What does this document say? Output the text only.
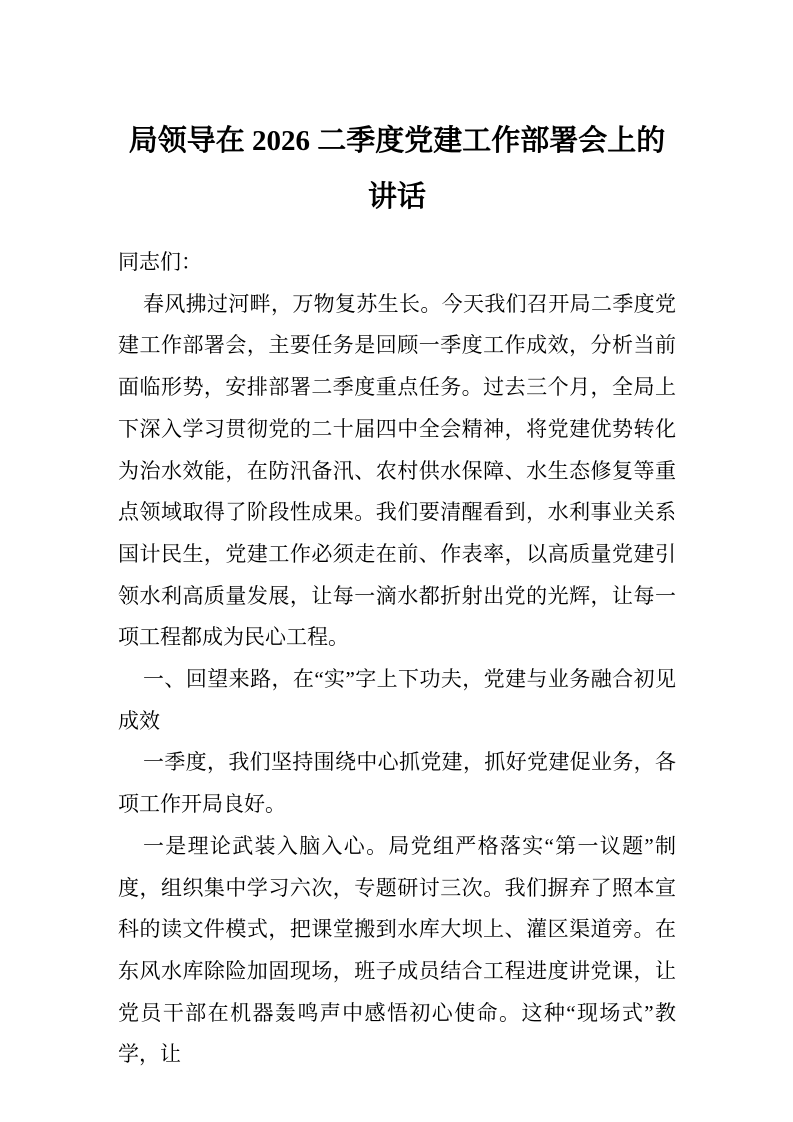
局领导在 2026 二季度党建工作部署会上的讲话

同志们：

春风拂过河畔，万物复苏生长。今天我们召开局二季度党建工作部署会，主要任务是回顾一季度工作成效，分析当前面临形势，安排部署二季度重点任务。过去三个月，全局上下深入学习贯彻党的二十届四中全会精神，将党建优势转化为治水效能，在防汛备汛、农村供水保障、水生态修复等重点领域取得了阶段性成果。我们要清醒看到，水利事业关系国计民生，党建工作必须走在前、作表率，以高质量党建引领水利高质量发展，让每一滴水都折射出党的光辉，让每一项工程都成为民心工程。

一、回望来路，在“实”字上下功夫，党建与业务融合初见成效

一季度，我们坚持围绕中心抓党建，抓好党建促业务，各项工作开局良好。

一是理论武装入脑入心。局党组严格落实“第一议题”制度，组织集中学习六次，专题研讨三次。我们摒弃了照本宣科的读文件模式，把课堂搬到水库大坝上、灌区渠道旁。在东风水库除险加固现场，班子成员结合工程进度讲党课，让党员干部在机器轰鸣声中感悟初心使命。这种“现场式”教学，让
